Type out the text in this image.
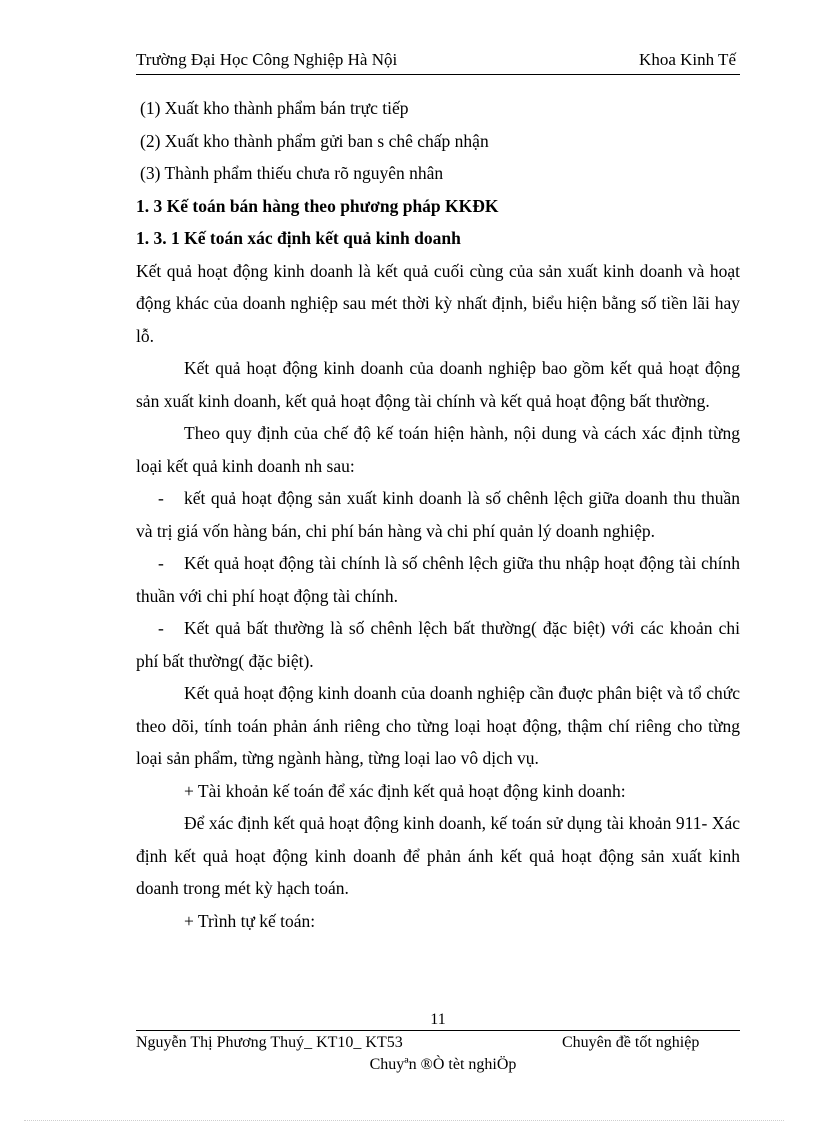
Trường Đại Học Công Nghiệp Hà Nội	Khoa Kinh Tế
(1) Xuất kho thành phẩm bán trực tiếp
(2) Xuất kho thành phẩm gửi ban s chê chấp nhận
(3) Thành phẩm thiếu chưa rõ nguyên nhân
1. 3 Kế toán bán hàng theo phương pháp KKĐK
1. 3. 1 Kế toán xác định kết quả kinh doanh
Kết quả hoạt động kinh doanh là kết quả cuối cùng của sản xuất kinh doanh và hoạt động khác của doanh nghiệp sau mét thời kỳ nhất định, biểu hiện bằng số tiền lãi hay lỗ.
Kết quả hoạt động kinh doanh của doanh nghiệp bao gồm kết quả hoạt động sản xuất kinh doanh, kết quả hoạt động tài chính và kết quả hoạt động bất thường.
Theo quy định của chế độ kế toán hiện hành, nội dung và cách xác định từng loại kết quả kinh doanh nh sau:
- kết quả hoạt động sản xuất kinh doanh là số chênh lệch giữa doanh thu thuần và trị giá vốn hàng bán, chi phí bán hàng và chi phí quản lý doanh nghiệp.
- Kết quả hoạt động tài chính là số chênh lệch giữa thu nhập hoạt động tài chính thuần với chi phí hoạt động tài chính.
- Kết quả bất thường là số chênh lệch bất thường( đặc biệt) với các khoản chi phí bất thường( đặc biệt).
Kết quả hoạt động kinh doanh của doanh nghiệp cần đuợc phân biệt và tổ chức theo dõi, tính toán phản ánh riêng cho từng loại hoạt động, thậm chí riêng cho từng loại sản phẩm, từng ngành hàng, từng loại lao vô dịch vụ.
+ Tài khoản kế toán để xác định kết quả hoạt động kinh doanh:
Để xác định kết quả hoạt động kinh doanh, kế toán sử dụng tài khoản 911- Xác định kết quả hoạt động kinh doanh để phản ánh kết quả hoạt động sản xuất kinh doanh trong mét kỳ hạch toán.
+ Trình tự kế toán:
11
Nguyễn Thị Phương Thuý_ KT10_ KT53	Chuyên đề tốt nghiệp
Chuyªn ®Ò tèt nghiÖp
